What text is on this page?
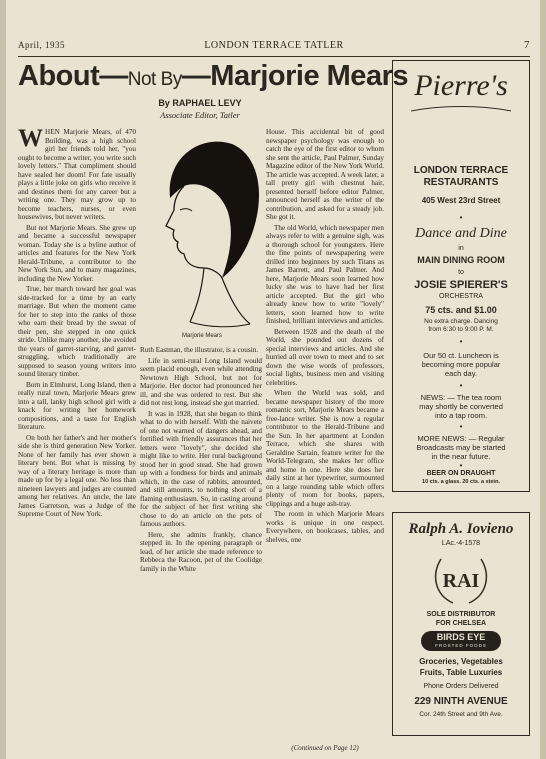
April, 1935	LONDON TERRACE TATLER	7
About—Not By—Marjorie Mears
By RAPHAEL LEVY
Associate Editor, Tatler

WHEN Marjorie Mears, of 470 Building, was a high school girl her friends told her, "you ought to become a writer, you write such lovely letters." That compliment should have sealed her doom! For fate usually plays a little joke on girls who receive it and destines them for any career but a writing one. They may grow up to become teachers, nurses, or even housewives, but never writers.

But not Marjorie Mears. She grew up and became a successful newspaper woman. Today she is a byline author of articles and features for the New York Herald-Tribune, a contributor to the New York Sun, and to many magazines, including the New Yorker.

True, her march toward her goal was side-tracked for a time by an early marriage. But when the moment came for her to step into the ranks of those who earn their bread by the sweat of their pen, she stepped in one quick stride. Unlike many another, she avoided the years of garret-starving, and garret-struggling, which traditionally are supposed to season young writers into sound literary timber.

Born in Elmhurst, Long Island, then a really rural town, Marjorie Mears grew into a tall, lanky high school girl with a knack for writing her homework compositions, and a taste for English literature.

On both her father's and her mother's side she is third generation New Yorker. None of her family has ever shown a literary bent. But what is missing by way of a literary heritage is more than made up for by a legal one. No less than nineteen lawyers and judges are counted among her relatives. An uncle, the late James Garretson, was a Judge of the Supreme Court of New York.

Marjorie Mears

Ruth Eastman, the illustrator, is a cousin.

Life in semi-rural Long Island would seem placid enough, even while attending Newtown High School, but not for Marjorie. Her doctor had pronounced her ill, and she was ordered to rest. But she did not rest long, instead she got married.

It was in 1928, that she began to think what to do with herself. With the naivete of one not warned of dangers ahead, and fortified with friendly assurances that her letters were "lovely", she decided she might like to write. Her rural background stood her in good stead. She had grown up with a fondness for birds and animals which, in the case of rabbits, amounted, and still amounts, to nothing short of a flaming enthusiasm. So, in casting around for the subject of her first writing she chose to do an article on the pets of famous authors.

Here, she admits frankly, chance stepped in. In the opening paragraph or lead, of her article she made reference to Rebbeca the Racoon, pet of the Coolidge family in the White

House. This accidental bit of good newspaper psychology was enough to catch the eye of the first editor to whom she sent the article, Paul Palmer, Sunday Magazine editor of the New York World. The article was accepted. A week later, a tall pretty girl with chestnut hair, presented herself before editor Palmer, announced herself as the writer of the contribution, and asked for a steady job. She got it.

The old World, which newspaper men always refer to with a genuine sigh, was a thorough school for youngsters. Here the fine points of newspapering were drilled into beginners by such Titans as James Barrett, and Paul Palmer. And here, Marjorie Mears soon learned how lucky she was to have had her first article accepted. But the girl who already knew how to write "lovely" letters, soon learned how to write finished, brilliant interviews and articles.

Between 1928 and the death of the World, she pounded out dozens of special interviews and articles. And she hurried all over town to meet and to set down the wise words of professors, social lights, business men and visiting celebrities.

When the World was sold, and became newspaper history of the more romantic sort, Marjorie Mears became a free-lance writer. She is now a regular contributor to the Herald-Tribune and the Sun. In her apartment at London Terrace, which she shares with Geraldine Sartain, feature writer for the World-Telegram, she makes her office and home in one. Here she does her daily stint at her typewriter, surmounted on a large rounding table which offers plenty of room for books, papers, clippings and a huge ash-tray.

The room in which Marjorie Mears works is unique in one respect. Everywhere, on bookcases, tables, and shelves, one

(Continued on Page 12)
Pierre's
LONDON TERRACE
RESTAURANTS
405 West 23rd Street
•
Dance and Dine
in
MAIN DINING ROOM
to
JOSIE SPIERER'S
ORCHESTRA
75 cts. and $1.00
No extra charge. Dancing
from 6:30 to 9:00 P. M.
•
Our 50 ct. Luncheon is
becoming more popular
each day.
•
NEWS: — The tea room
may shortly be converted
into a tap room.
•
MORE NEWS: — Regular
Broadcasts may be started
in the near future.
•
BEER ON DRAUGHT
10 cts. a glass. 20 cts. a stein.
Ralph A. Iovieno
LAc.-4-1578
RAI
SOLE DISTRIBUTOR
FOR CHELSEA
BIRDS EYE
FROSTED FOODS
Groceries, Vegetables
Fruits, Table Luxuries
Phone Orders Delivered
229 NINTH AVENUE
Cor. 24th Street and 9th Ave.
